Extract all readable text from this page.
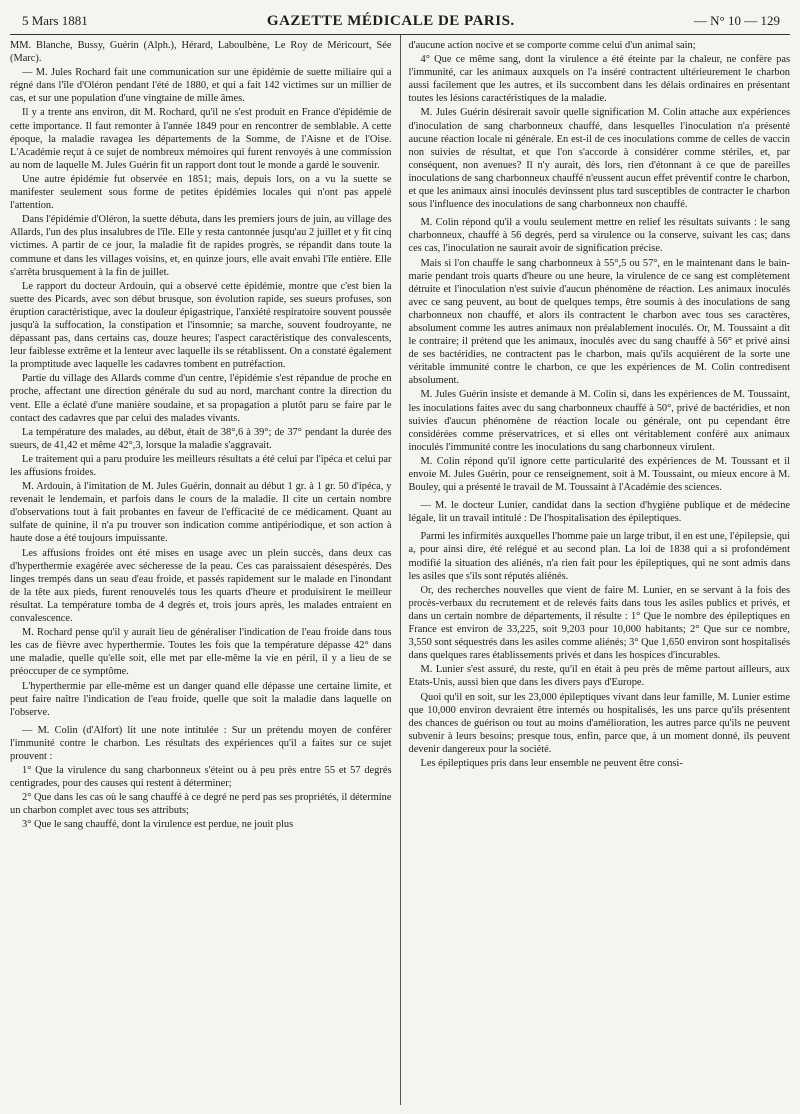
5 Mars 1881	GAZETTE MÉDICALE DE PARIS.	— N° 10 — 129

MM. Blanche, Bussy, Guérin (Alph.), Hérard, Laboulbène, Le Roy de Méricourt, Sée (Marc).

— M. Jules Rochard fait une communication sur une épidémie de suette miliaire qui a régné dans l'île d'Oléron pendant l'été de 1880, et qui a fait 142 victimes sur un millier de cas, et sur une population d'une vingtaine de mille âmes.

Il y a trente ans environ, dit M. Rochard, qu'il ne s'est produit en France d'épidémie de cette importance. Il faut remonter à l'année 1849 pour en rencontrer de semblable. A cette époque, la maladie ravagea les départements de la Somme, de l'Aisne et de l'Oise. L'Académie reçut à ce sujet de nombreux mémoires qui furent renvoyés à une commission au nom de laquelle M. Jules Guérin fit un rapport dont tout le monde a gardé le souvenir.

Une autre épidémie fut observée en 1851; mais, depuis lors, on a vu la suette se manifester seulement sous forme de petites épidémies locales qui n'ont pas appelé l'attention.

Dans l'épidémie d'Oléron, la suette débuta, dans les premiers jours de juin, au village des Allards, l'un des plus insalubres de l'île. Elle y resta cantonnée jusqu'au 2 juillet et y fit cinq victimes. A partir de ce jour, la maladie fit de rapides progrès, se répandit dans toute la commune et dans les villages voisins, et, en quinze jours, elle avait envahi l'île entière. Elle s'arrêta brusquement à la fin de juillet.

Le rapport du docteur Ardouin, qui a observé cette épidémie, montre que c'est bien la suette des Picards, avec son début brusque, son évolution rapide, ses sueurs profuses, son éruption caractéristique, avec la douleur épigastrique, l'anxiété respiratoire souvent poussée jusqu'à la suffocation, la constipation et l'insomnie; sa marche, souvent foudroyante, ne dépassant pas, dans certains cas, douze heures; l'aspect caractéristique des convalescents, leur faiblesse extrême et la lenteur avec laquelle ils se rétablissent. On a constaté également la promptitude avec laquelle les cadavres tombent en putréfaction.

Partie du village des Allards comme d'un centre, l'épidémie s'est répandue de proche en proche, affectant une direction générale du sud au nord, marchant contre la direction du vent. Elle a éclaté d'une manière soudaine, et sa propagation a plutôt paru se faire par le contact des cadavres que par celui des malades vivants.

La température des malades, au début, était de 38°,6 à 39°; de 37° pendant la durée des sueurs, de 41,42 et même 42°,3, lorsque la maladie s'aggravait.

Le traitement qui a paru produire les meilleurs résultats a été celui par l'ipéca et celui par les affusions froides.

M. Ardouin, à l'imitation de M. Jules Guérin, donnait au début 1 gr. à 1 gr. 50 d'ipéca, y revenait le lendemain, et parfois dans le cours de la maladie. Il cite un certain nombre d'observations tout à fait probantes en faveur de l'efficacité de ce médicament. Quant au sulfate de quinine, il n'a pu trouver son indication comme antipériodique, et son action à haute dose a été toujours impuissante.

Les affusions froides ont été mises en usage avec un plein succès, dans deux cas d'hyperthermie exagérée avec sécheresse de la peau. Ces cas paraissaient désespérés. Des linges trempés dans un seau d'eau froide, et passés rapidement sur le malade en l'inondant de la tête aux pieds, furent renouvelés tous les quarts d'heure et produisirent le meilleur résultat. La température tomba de 4 degrés et, trois jours après, les malades entraient en convalescence.

M. Rochard pense qu'il y aurait lieu de généraliser l'indication de l'eau froide dans tous les cas de fièvre avec hyperthermie. Toutes les fois que la température dépasse 42° dans une maladie, quelle qu'elle soit, elle met par elle-même la vie en péril, il y a lieu de se préoccuper de ce symptôme.

L'hyperthermie par elle-même est un danger quand elle dépasse une certaine limite, et peut faire naître l'indication de l'eau froide, quelle que soit la maladie dans laquelle on l'observe.

— M. Colin (d'Alfort) lit une note intitulée : Sur un prétendu moyen de conférer l'immunité contre le charbon. Les résultats des expériences qu'il a faites sur ce sujet prouvent :

1° Que la virulence du sang charbonneux s'éteint ou à peu près entre 55 et 57 degrés centigrades, pour des causes qui restent à déterminer;

2° Que dans les cas où le sang chauffé à ce degré ne perd pas ses propriétés, il détermine un charbon complet avec tous ses attributs;

3° Que le sang chauffé, dont la virulence est perdue, ne jouit plus

d'aucune action nocive et se comporte comme celui d'un animal sain;

4° Que ce même sang, dont la virulence a été éteinte par la chaleur, ne confère pas l'immunité, car les animaux auxquels on l'a inséré contractent ultérieurement le charbon aussi facilement que les autres, et ils succombent dans les délais ordinaires en présentant toutes les lésions caractéristiques de la maladie.

M. Jules Guérin désirerait savoir quelle signification M. Colin attache aux expériences d'inoculation de sang charbonneux chauffé, dans lesquelles l'inoculation n'a présenté aucune réaction locale ni générale. En est-il de ces inoculations comme de celles de vaccin non suivies de résultat, et que l'on s'accorde à considérer comme stériles, et, par conséquent, non avenues? Il n'y aurait, dès lors, rien d'étonnant à ce que de pareilles inoculations de sang charbonneux chauffé n'eussent aucun effet préventif contre le charbon, et que les animaux ainsi inoculés devinssent plus tard susceptibles de contracter le charbon sous l'influence des inoculations de sang charbonneux non chauffé.

M. Colin répond qu'il a voulu seulement mettre en relief les résultats suivants : le sang charbonneux, chauffé à 56 degrés, perd sa virulence ou la conserve, suivant les cas; dans ces cas, l'inoculation ne saurait avoir de signification précise.

Mais si l'on chauffe le sang charbonneux à 55°,5 ou 57°, en le maintenant dans le bain-marie pendant trois quarts d'heure ou une heure, la virulence de ce sang est complètement détruite et l'inoculation n'est suivie d'aucun phénomène de réaction. Les animaux inoculés avec ce sang peuvent, au bout de quelques temps, être soumis à des inoculations de sang charbonneux non chauffé, et alors ils contractent le charbon avec tous ses caractères, absolument comme les autres animaux non préalablement inoculés. Or, M. Toussaint a dit le contraire; il prétend que les animaux, inoculés avec du sang chauffé à 56° et privé ainsi de ses bactéridies, ne contractent pas le charbon, mais qu'ils acquièrent de la sorte une véritable immunité contre le charbon, ce que les expériences de M. Colin contredisent absolument.

M. Jules Guérin insiste et demande à M. Colin si, dans les expériences de M. Toussaint, les inoculations faites avec du sang charbonneux chauffé à 50°, privé de bactéridies, et non suivies d'aucun phénomène de réaction locale ou générale, ont pu cependant être considérées comme préservatrices, et si elles ont véritablement conféré aux animaux inoculés l'immunité contre les inoculations du sang charbonneux virulent.

M. Colin répond qu'il ignore cette particularité des expériences de M. Toussant et il envoie M. Jules Guérin, pour ce renseignement, soit à M. Toussaint, ou mieux encore à M. Bouley, qui a présenté le travail de M. Toussaint à l'Académie des sciences.

— M. le docteur Lunier, candidat dans la section d'hygiène publique et de médecine légale, lit un travail intitulé : De l'hospitalisation des épileptiques.

Parmi les infirmités auxquelles l'homme paie un large tribut, il en est une, l'épilepsie, qui a, pour ainsi dire, été relégué et au second plan. La loi de 1838 qui a si profondément modifié la situation des aliénés, n'a rien fait pour les épileptiques, qui ne sont admis dans les asiles que s'ils sont réputés aliénés.

Or, des recherches nouvelles que vient de faire M. Lunier, en se servant à la fois des procès-verbaux du recrutement et de relevés faits dans tous les asiles publics et privés, et dans un certain nombre de départements, il résulte : 1° Que le nombre des épileptiques en France est environ de 33,225, soit 9,203 pour 10,000 habitants; 2° Que sur ce nombre, 3,550 sont séquestrés dans les asiles comme aliénés; 3° Que 1,650 environ sont hospitalisés dans quelques rares établissements privés et dans les hospices d'incurables.

M. Lunier s'est assuré, du reste, qu'il en était à peu près de même partout ailleurs, aux Etats-Unis, aussi bien que dans les divers pays d'Europe.

Quoi qu'il en soit, sur les 23,000 épileptiques vivant dans leur famille, M. Lunier estime que 10,000 environ devraient être internés ou hospitalisés, les uns parce qu'ils présentent des chances de guérison ou tout au moins d'amélioration, les autres parce qu'ils ne peuvent subvenir à leurs besoins; presque tous, enfin, parce que, à un moment donné, ils peuvent devenir dangereux pour la société.

Les épileptiques pris dans leur ensemble ne peuvent être consi-
